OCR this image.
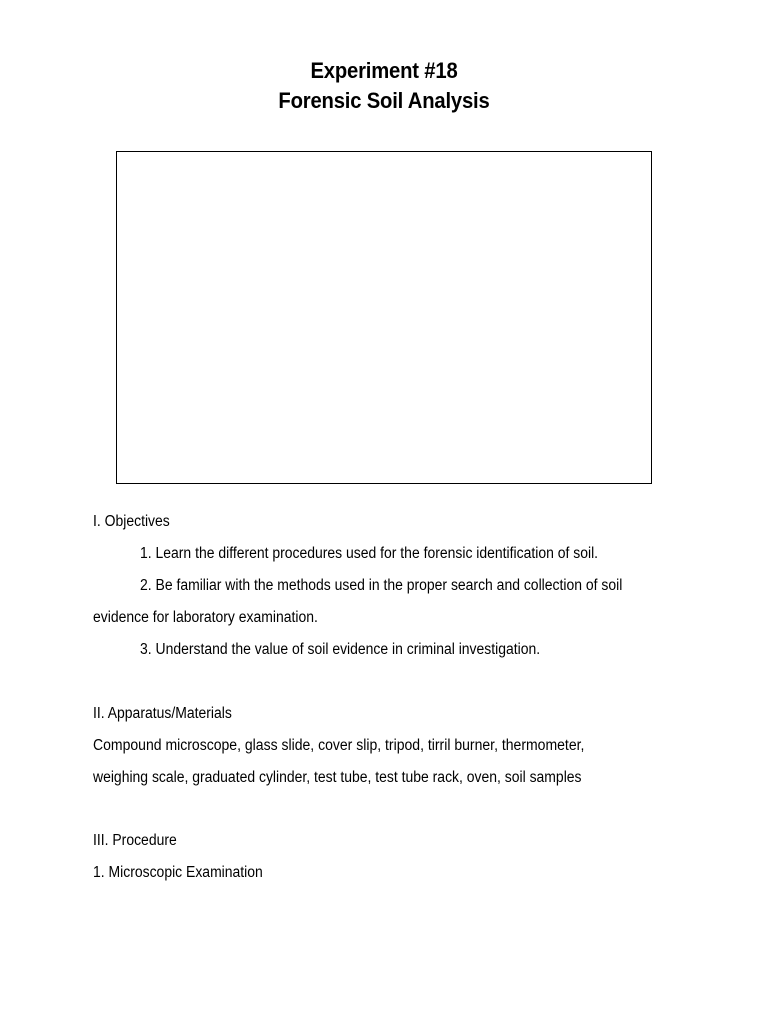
Experiment #18
Forensic Soil Analysis
I. Objectives
1. Learn the different procedures used for the forensic identification of soil.
2. Be familiar with the methods used in the proper search and collection of soil
evidence for laboratory examination.
3. Understand the value of soil evidence in criminal investigation.
II. Apparatus/Materials
Compound microscope, glass slide, cover slip, tripod, tirril burner, thermometer,
weighing scale, graduated cylinder, test tube, test tube rack, oven, soil samples
III. Procedure
1. Microscopic Examination
